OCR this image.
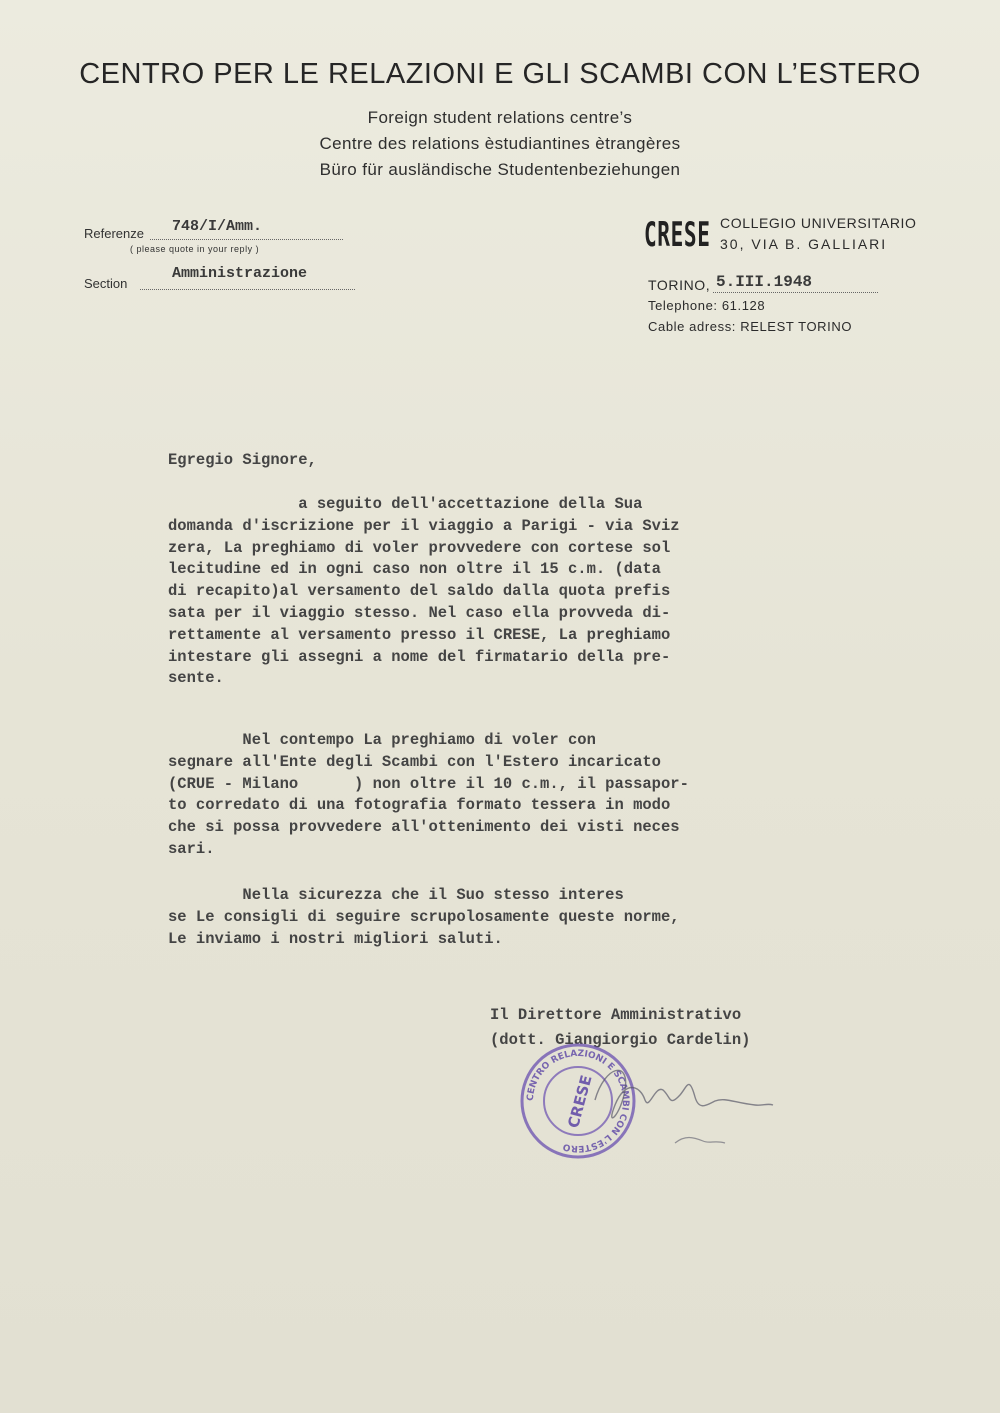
CENTRO PER LE RELAZIONI E GLI SCAMBI CON L’ESTERO
Foreign student relations centre’s
Centre des relations èstudiantines ètrangères
Büro für ausländische Studentenbeziehungen
Referenze 748/I/Amm.
( please quote in your reply )
Section
Amministrazione
CRESE COLLEGIO UNIVERSITARIO
30, VIA B. GALLIARI
TORINO, 5.III.1948
Telephone: 61.128
Cable adress: RELEST TORINO
Egregio Signore,
a seguito dell'accettazione della Sua
domanda d'iscrizione per il viaggio a Parigi - via Sviz
zera, La preghiamo di voler provvedere con cortese sol
lecitudine ed in ogni caso non oltre il 15 c.m. (data
di recapito)al versamento del saldo dalla quota prefis
sata per il viaggio stesso. Nel caso ella provveda di-
rettamente al versamento presso il CRESE, La preghiamo
intestare gli assegni a nome del firmatario della pre-
sente.
Nel contempo La preghiamo di voler con
segnare all'Ente degli Scambi con l'Estero incaricato
(CRUE - Milano      ) non oltre il 10 c.m., il passapor-
to corredato di una fotografia formato tessera in modo
che si possa provvedere all'ottenimento dei visti neces
sari.
Nella sicurezza che il Suo stesso interes
se Le consigli di seguire scrupolosamente queste norme,
Le inviamo i nostri migliori saluti.
Il Direttore Amministrativo
(dott. Giangiorgio Cardelin)
CENTRO RELAZIONI E SCAMBI CON L'ESTERO
CRESE
